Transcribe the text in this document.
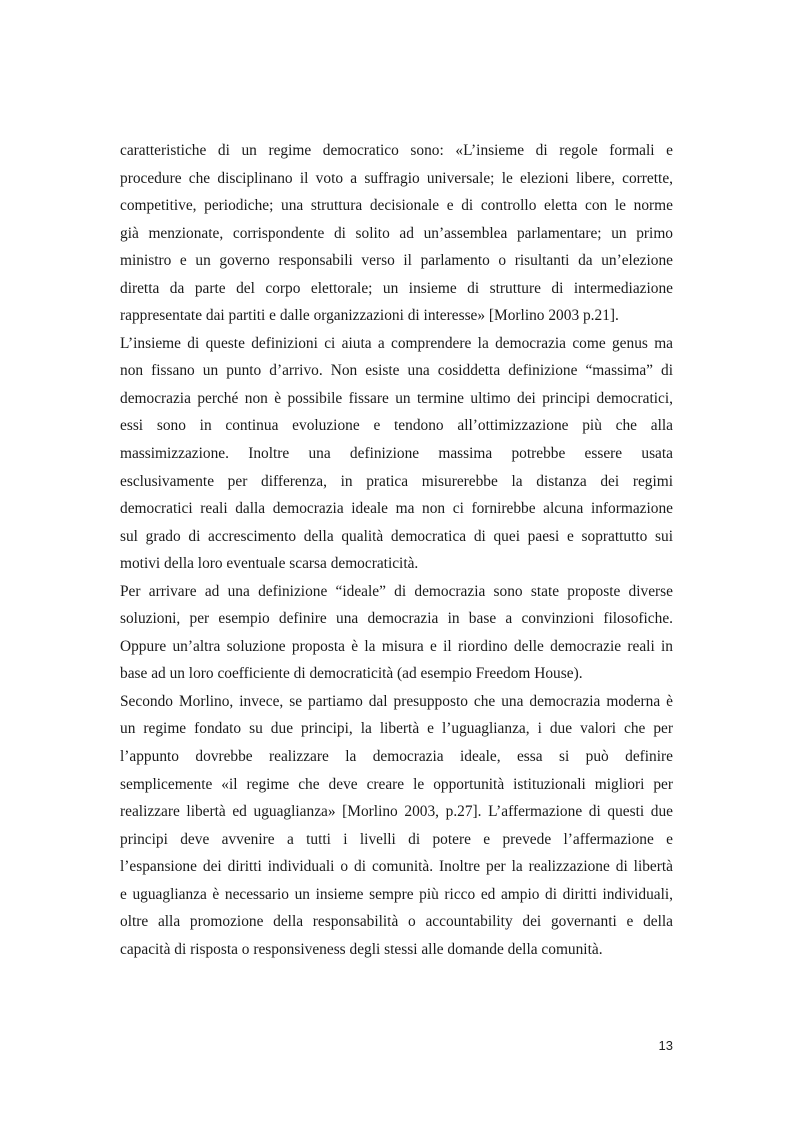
caratteristiche di un regime democratico sono: «L’insieme di regole formali e
procedure che disciplinano il voto a suffragio universale; le elezioni libere, corrette,
competitive, periodiche; una struttura decisionale e di controllo eletta con le norme
già menzionate, corrispondente di solito ad un’assemblea parlamentare; un primo
ministro e un governo responsabili verso il parlamento o risultanti da un’elezione
diretta da parte del corpo elettorale; un insieme di strutture di intermediazione
rappresentate dai partiti e dalle organizzazioni di interesse» [Morlino 2003 p.21].
L’insieme di queste definizioni ci aiuta a comprendere la democrazia come genus ma
non fissano un punto d’arrivo. Non esiste una cosiddetta definizione “massima” di
democrazia perché non è possibile fissare un termine ultimo dei principi democratici,
essi sono in continua evoluzione e tendono all’ottimizzazione più che alla
massimizzazione. Inoltre una definizione massima potrebbe essere usata
esclusivamente per differenza, in pratica misurerebbe la distanza dei regimi
democratici reali dalla democrazia ideale ma non ci fornirebbe alcuna informazione
sul grado di accrescimento della qualità democratica di quei paesi e soprattutto sui
motivi della loro eventuale scarsa democraticità.
Per arrivare ad una definizione “ideale” di democrazia sono state proposte diverse
soluzioni, per esempio definire una democrazia in base a convinzioni filosofiche.
Oppure un’altra soluzione proposta è la misura e il riordino delle democrazie reali in
base ad un loro coefficiente di democraticità (ad esempio Freedom House).
Secondo Morlino, invece, se partiamo dal presupposto che una democrazia moderna è
un regime fondato su due principi, la libertà e l’uguaglianza, i due valori che per
l’appunto dovrebbe realizzare la democrazia ideale, essa si può definire
semplicemente «il regime che deve creare le opportunità istituzionali migliori per
realizzare libertà ed uguaglianza» [Morlino 2003, p.27]. L’affermazione di questi due
principi deve avvenire a tutti i livelli di potere e prevede l’affermazione e
l’espansione dei diritti individuali o di comunità. Inoltre per la realizzazione di libertà
e uguaglianza è necessario un insieme sempre più ricco ed ampio di diritti individuali,
oltre alla promozione della responsabilità o accountability dei governanti e della
capacità di risposta o responsiveness degli stessi alle domande della comunità.
13
